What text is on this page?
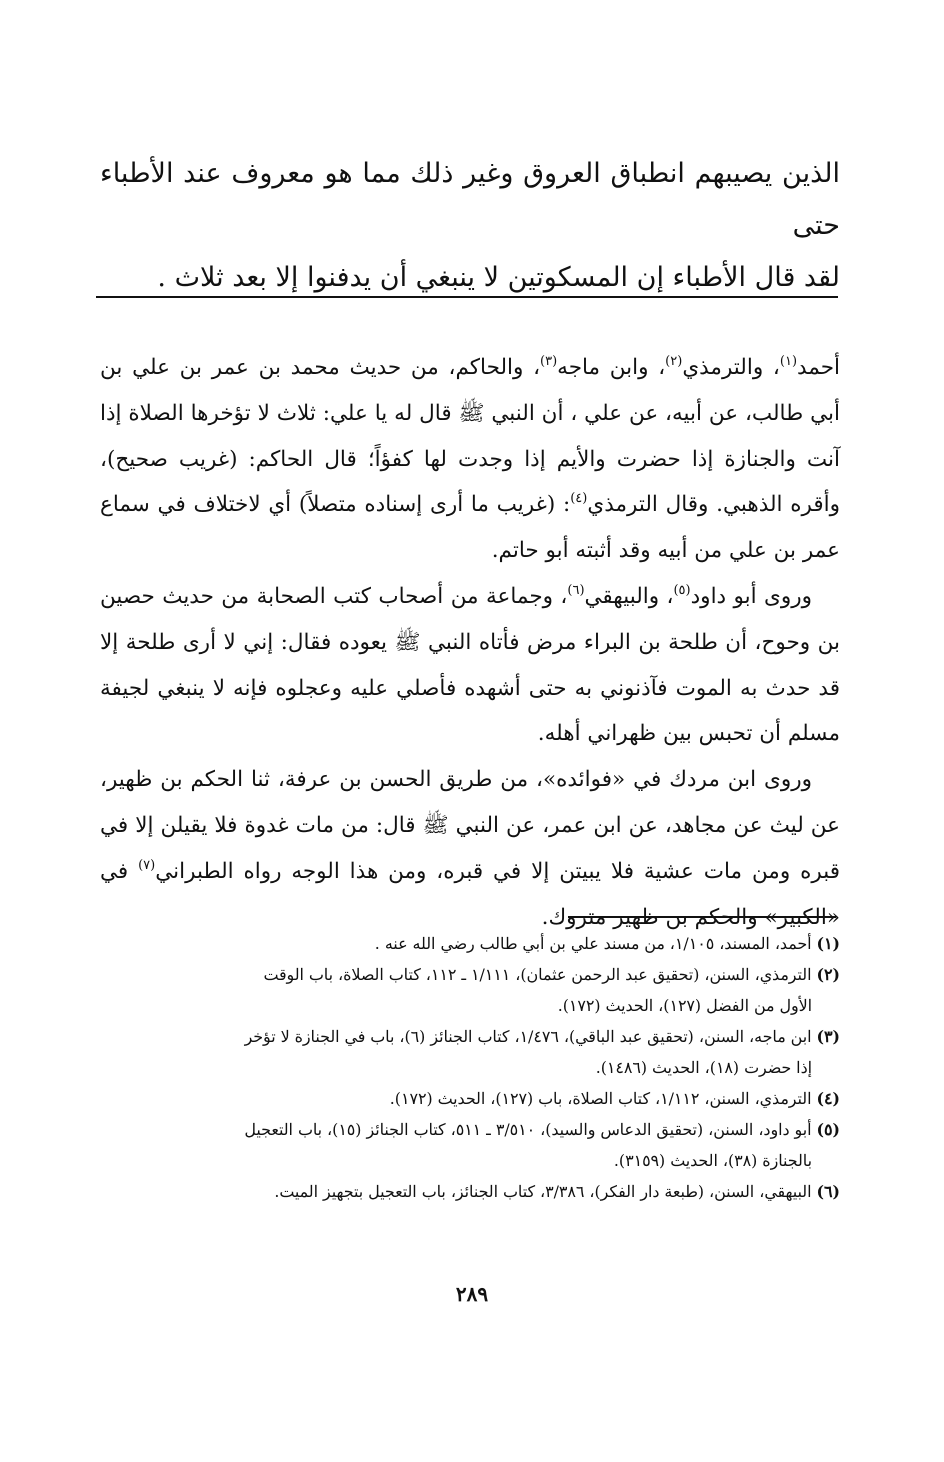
الذين يصيبهم انطباق العروق وغير ذلك مما هو معروف عند الأطباء حتى

لقد قال الأطباء إن المسكوتين لا ينبغي أن يدفنوا إلا بعد ثلاث .

أحمد$^{(١)}$، والترمذي$^{(٢)}$، وابن ماجه$^{(٣)}$، والحاكم، من حديث محمد بن عمر بن علي بن أبي طالب، عن أبيه، عن علي ، أن النبي ﷺ قال له يا علي: ثلاث لا تؤخرها الصلاة إذا آنت والجنازة إذا حضرت والأيم إذا وجدت لها كفؤاً؛ قال الحاكم: (غريب صحيح)، وأقره الذهبي. وقال الترمذي$^{(٤)}$: (غريب ما أرى إسناده متصلاً) أي لاختلاف في سماع عمر بن علي من أبيه وقد أثبته أبو حاتم.

وروى أبو داود$^{(٥)}$، والبيهقي$^{(٦)}$، وجماعة من أصحاب كتب الصحابة من حديث حصين بن وحوح، أن طلحة بن البراء مرض فأتاه النبي ﷺ يعوده فقال: إني لا أرى طلحة إلا قد حدث به الموت فآذنوني به حتى أشهده فأصلي عليه وعجلوه فإنه لا ينبغي لجيفة مسلم أن تحبس بين ظهراني أهله.

وروى ابن مردك في «فوائده»، من طريق الحسن بن عرفة، ثنا الحكم بن ظهير، عن ليث عن مجاهد، عن ابن عمر، عن النبي ﷺ قال: من مات غدوة فلا يقيلن إلا في قبره ومن مات عشية فلا يبيتن إلا في قبره، ومن هذا الوجه رواه الطبراني$^{(٧)}$ في «الكبير» والحكم بن ظهير متروك.

(١) أحمد، المسند، ١/١٠٥، من مسند علي بن أبي طالب رضي الله عنه .
(٢) الترمذي، السنن، (تحقيق عبد الرحمن عثمان)، ١/١١١ ـ ١١٢، كتاب الصلاة، باب الوقت
الأول من الفضل (١٢٧)، الحديث (١٧٢).
(٣) ابن ماجه، السنن، (تحقيق عبد الباقي)، ١/٤٧٦، كتاب الجنائز (٦)، باب في الجنازة لا تؤخر
إذا حضرت (١٨)، الحديث (١٤٨٦).
(٤) الترمذي، السنن، ١/١١٢، كتاب الصلاة، باب (١٢٧)، الحديث (١٧٢).
(٥) أبو داود، السنن، (تحقيق الدعاس والسيد)، ٣/٥١٠ ـ ٥١١، كتاب الجنائز (١٥)، باب التعجيل
بالجنازة (٣٨)، الحديث (٣١٥٩).
(٦) البيهقي، السنن، (طبعة دار الفكر)، ٣/٣٨٦، كتاب الجنائز، باب التعجيل بتجهيز الميت.
٢٨٩
